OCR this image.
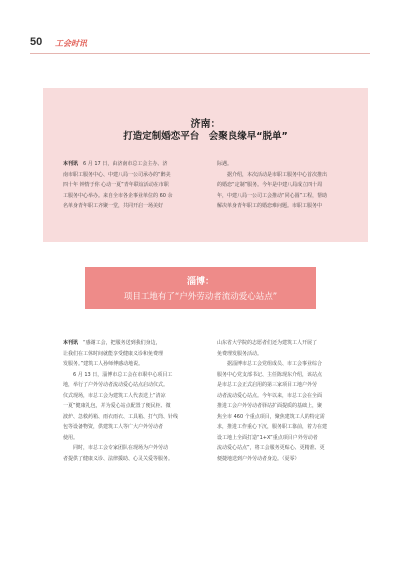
50 工会时讯
济南：
打造定制婚恋平台　会聚良缘早“脱单”
本刊讯　6 月 17 日，由济南市总工会主办、济
南市职工服务中心、中建八局一公司承办的“醉美
四十年 钟情于你 心动一夏”青年联谊活动在市职
工服务中心举办。来自全市各企事业单位的 60 余
名单身青年职工齐聚一堂，共同开启一场美好
际遇。
　　据介绍，本次活动是市职工服务中心首次推出
的婚恋“定制”服务。今年是中建八局成立四十周
年，中建八局一公司工会推动“同心圆”工程，帮助
解决单身青年职工的婚恋难问题。市职工服务中
淄博：
项目工地有了“户外劳动者流动爱心站点”
本刊讯　“感谢工会，把服务送到我们身边，
让我们在工休时间就能享受健康义诊和免费理
发服务。”建筑工人孙师傅感动地说。
　　6 月 13 日，淄博市总工会在市职中心项目工
地，举行了户外劳动者流动爱心站点启动仪式。
仪式现场，市总工会为建筑工人代表送上“清凉
一夏”健康礼包，并为爱心站点配置了便民柜、微
波炉、急救药箱、雨衣雨衣、工具箱、打气筒、针线
包等设备物资，供建筑工人等广大户外劳动者
使用。
　　同时，市总工会专家团队在现场为户外劳动
者提供了健康义诊、法律援助、心灵关爱等服务。
山东省大学院的志愿者们还为建筑工人开展了
免费理发服务活动。
　　据淄博市总工会党组成员、市工会事业综合
服务中心党支部书记、主任陈现东介绍，该站点
是市总工会正式启用的第三家项目工地户外劳
动者流动爱心站点。今年以来，市总工会在全面
推进工会户外劳动者驿站扩面提质的基础上，聚
焦全市 460 个重点项目，聚焦建筑工人的特定需
求，推进工作重心下沉，服务职工靠前，着力在建
设工地上全面打造“1+X”重点项目户外劳动者
流动爱心站点”，将工会服务更贴心、更精准、更
便捷地送到户外劳动者身边。（夏零）
